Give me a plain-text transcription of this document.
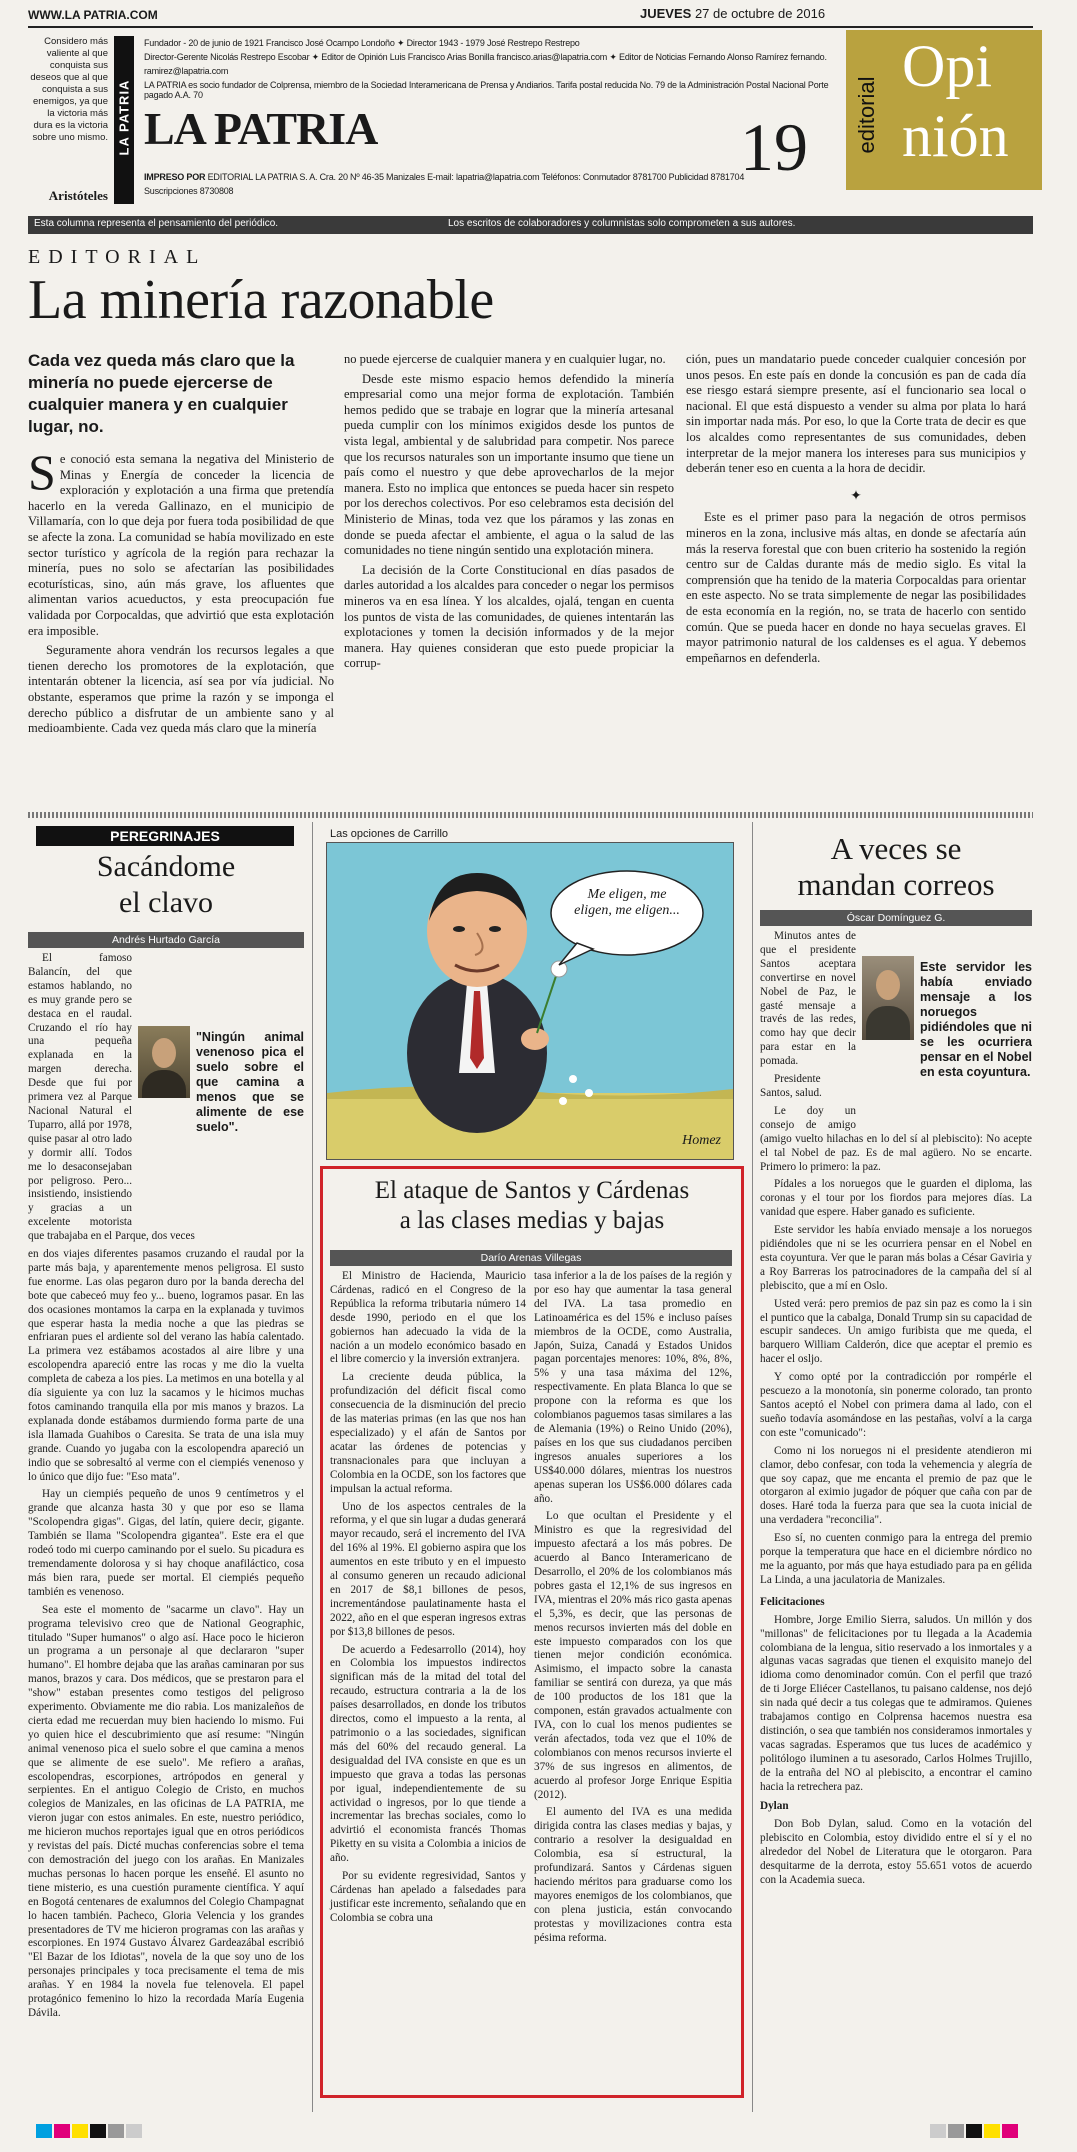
WWW.LA PATRIA.COM	JUEVES 27 de octubre de 2016
Considero más valiente al que conquista sus deseos que al que conquista a sus enemigos, ya que la victoria más dura es la victoria sobre uno mismo.
Aristóteles
LA PATRIA
Fundador - 20 de junio de 1921 Francisco José Ocampo Londoño ✦ Director 1943 - 1979 José Restrepo Restrepo
Director-Gerente Nicolás Restrepo Escobar ✦ Editor de Opinión Luis Francisco Arias Bonilla francisco.arias@lapatria.com ✦ Editor de Noticias Fernando Alonso Ramírez fernando.
ramirez@lapatria.com
LA PATRIA es socio fundador de Colprensa, miembro de la Sociedad Interamericana de Prensa y Andiarios. Tarifa postal reducida No. 79 de la Administración Postal Nacional Porte pagado A.A. 70
LA PATRIA
IMPRESO POR EDITORIAL LA PATRIA S. A. Cra. 20 Nº 46-35 Manizales E-mail: lapatria@lapatria.com Teléfonos: Conmutador 8781700 Publicidad 8781704
Suscripciones 8730808
19 editorial
Opi
nión
Esta columna representa el pensamiento del periódico.	Los escritos de colaboradores y columnistas solo comprometen a sus autores.
EDITORIAL
La minería razonable
Cada vez queda más claro que la minería no puede ejercerse de cualquier manera y en cualquier lugar, no.

Se conoció esta semana la negativa del Ministerio de Minas y Energía de conceder la licencia de exploración y explotación a una firma que pretendía hacerlo en la vereda Gallinazo, en el municipio de Villamaría, con lo que deja por fuera toda posibilidad de que se afecte la zona. La comunidad se había movilizado en este sector turístico y agrícola de la región para rechazar la minería, pues no solo se afectarían las posibilidades ecoturísticas, sino, aún más grave, los afluentes que alimentan varios acueductos, y esta preocupación fue validada por Corpocaldas, que advirtió que esta explotación era imposible.

Seguramente ahora vendrán los recursos legales a que tienen derecho los promotores de la explotación, que intentarán obtener la licencia, así sea por vía judicial. No obstante, esperamos que prime la razón y se imponga el derecho público a disfrutar de un ambiente sano y al medioambiente. Cada vez queda más claro que la minería

no puede ejercerse de cualquier manera y en cualquier lugar, no.

Desde este mismo espacio hemos defendido la minería empresarial como una mejor forma de explotación. También hemos pedido que se trabaje en lograr que la minería artesanal pueda cumplir con los mínimos exigidos desde los puntos de vista legal, ambiental y de salubridad para competir. Nos parece que los recursos naturales son un importante insumo que tiene un país como el nuestro y que debe aprovecharlos de la mejor manera. Esto no implica que entonces se pueda hacer sin respeto por los derechos colectivos. Por eso celebramos esta decisión del Ministerio de Minas, toda vez que los páramos y las zonas en donde se pueda afectar el ambiente, el agua o la salud de las comunidades no tiene ningún sentido una explotación minera.

La decisión de la Corte Constitucional en días pasados de darles autoridad a los alcaldes para conceder o negar los permisos mineros va en esa línea. Y los alcaldes, ojalá, tengan en cuenta los puntos de vista de las comunidades, de quienes intentarán las explotaciones y tomen la decisión informados y de la mejor manera. Hay quienes consideran que esto puede propiciar la corrup-

ción, pues un mandatario puede conceder cualquier concesión por unos pesos. En este país en donde la concusión es pan de cada día ese riesgo estará siempre presente, así el funcionario sea local o nacional. El que está dispuesto a vender su alma por plata lo hará sin importar nada más. Por eso, lo que la Corte trata de decir es que los alcaldes como representantes de sus comunidades, deben interpretar de la mejor manera los intereses para sus municipios y deberán tener eso en cuenta a la hora de decidir.

✦

Este es el primer paso para la negación de otros permisos mineros en la zona, inclusive más altas, en donde se afectaría aún más la reserva forestal que con buen criterio ha sostenido la región centro sur de Caldas durante más de medio siglo. Es vital la comprensión que ha tenido de la materia Corpocaldas para orientar en este aspecto. No se trata simplemente de negar las posibilidades de esta economía en la región, no, se trata de hacerlo con sentido común. Que se pueda hacer en donde no haya secuelas graves. El mayor patrimonio natural de los caldenses es el agua. Y debemos empeñarnos en defenderla.

PEREGRINAJES
Sacándome
el clavo
Andrés Hurtado García
"Ningún animal venenoso pica el suelo sobre el que camina a menos que se alimente de ese suelo".

El famoso Balancín, del que estamos hablando, no es muy grande pero se destaca en el raudal. Cruzando el río hay una pequeña explanada en la margen derecha. Desde que fui por primera vez al Parque Nacional Natural el Tuparro, allá por 1978, quise pasar al otro lado y dormir allí. Todos me lo desaconsejaban por peligroso. Pero... insistiendo, insistiendo y gracias a un excelente motorista que trabajaba en el Parque, dos veces

en dos viajes diferentes pasamos cruzando el raudal por la parte más baja, y aparentemente menos peligrosa. El susto fue enorme. Las olas pegaron duro por la banda derecha del bote que cabeceó muy feo y... bueno, logramos pasar. En las dos ocasiones montamos la carpa en la explanada y tuvimos que esperar hasta la media noche a que las piedras se enfriaran pues el ardiente sol del verano las había calentado. La primera vez estábamos acostados al aire libre y una escolopendra apareció entre las rocas y me dio la vuelta completa de cabeza a los pies. La metimos en una botella y al día siguiente ya con luz la sacamos y le hicimos muchas fotos caminando tranquila ella por mis manos y brazos. La explanada donde estábamos durmiendo forma parte de una isla llamada Guahibos o Caresita. Se trata de una isla muy grande. Cuando yo jugaba con la escolopendra apareció un indio que se sobresaltó al verme con el ciempiés venenoso y lo único que dijo fue: "Eso mata".

Hay un ciempiés pequeño de unos 9 centímetros y el grande que alcanza hasta 30 y que por eso se llama "Scolopendra gigas". Gigas, del latín, quiere decir, gigante. También se llama "Scolopendra gigantea". Este era el que rodeó todo mi cuerpo caminando por el suelo. Su picadura es tremendamente dolorosa y si hay choque anafiláctico, cosa más bien rara, puede ser mortal. El ciempiés pequeño también es venenoso.

Sea este el momento de "sacarme un clavo". Hay un programa televisivo creo que de National Geographic, titulado "Super humanos" o algo así. Hace poco le hicieron un programa a un personaje al que declararon "super humano". El hombre dejaba que las arañas caminaran por sus manos, brazos y cara. Dos médicos, que se prestaron para el "show" estaban presentes como testigos del peligroso experimento. Obviamente me dio rabia. Los manizaleños de cierta edad me recuerdan muy bien haciendo lo mismo. Fui yo quien hice el descubrimiento que así resume: "Ningún animal venenoso pica el suelo sobre el que camina a menos que se alimente de ese suelo". Me refiero a arañas, escolopendras, escorpiones, artrópodos en general y serpientes. En el antiguo Colegio de Cristo, en muchos colegios de Manizales, en las oficinas de LA PATRIA, me vieron jugar con estos animales. En este, nuestro periódico, me hicieron muchos reportajes igual que en otros periódicos y revistas del país. Dicté muchas conferencias sobre el tema con demostración del juego con los arañas. En Manizales muchas personas lo hacen porque les enseñé. El asunto no tiene misterio, es una cuestión puramente científica. Y aquí en Bogotá centenares de exalumnos del Colegio Champagnat lo hacen también. Pacheco, Gloria Velencia y los grandes presentadores de TV me hicieron programas con las arañas y escorpiones. En 1974 Gustavo Álvarez Gardeazábal escribió "El Bazar de los Idiotas", novela de la que soy uno de los personajes principales y toca precisamente el tema de mis arañas. Y en 1984 la novela fue telenovela. El papel protagónico femenino lo hizo la recordada María Eugenia Dávila.

Las opciones de Carrillo
Me eligen, me eligen, me eligen...
Homez
El ataque de Santos y Cárdenas
a las clases medias y bajas
Darío Arenas Villegas

El Ministro de Hacienda, Mauricio Cárdenas, radicó en el Congreso de la República la reforma tributaria número 14 desde 1990, periodo en el que los gobiernos han adecuado la vida de la nación a un modelo económico basado en el libre comercio y la inversión extranjera.

La creciente deuda pública, la profundización del déficit fiscal como consecuencia de la disminución del precio de las materias primas (en las que nos han especializado) y el afán de Santos por acatar las órdenes de potencias y transnacionales para que incluyan a Colombia en la OCDE, son los factores que impulsan la actual reforma.

Uno de los aspectos centrales de la reforma, y el que sin lugar a dudas generará mayor recaudo, será el incremento del IVA del 16% al 19%. El gobierno aspira que los aumentos en este tributo y en el impuesto al consumo generen un recaudo adicional en 2017 de $8,1 billones de pesos, incrementándose paulatinamente hasta el 2022, año en el que esperan ingresos extras por $13,8 billones de pesos.

De acuerdo a Fedesarrollo (2014), hoy en Colombia los impuestos indirectos significan más de la mitad del total del recaudo, estructura contraria a la de los países desarrollados, en donde los tributos directos, como el impuesto a la renta, al patrimonio o a las sociedades, significan más del 60% del recaudo general. La desigualdad del IVA consiste en que es un impuesto que grava a todas las personas por igual, independientemente de su actividad o ingresos, por lo que tiende a incrementar las brechas sociales, como lo advirtió el economista francés Thomas Piketty en su visita a Colombia a inicios de año.

Por su evidente regresividad, Santos y Cárdenas han apelado a falsedades para justificar este incremento, señalando que en Colombia se cobra una

tasa inferior a la de los países de la región y por eso hay que aumentar la tasa general del IVA. La tasa promedio en Latinoamérica es del 15% e incluso países miembros de la OCDE, como Australia, Japón, Suiza, Canadá y Estados Unidos pagan porcentajes menores: 10%, 8%, 8%, 5% y una tasa máxima del 12%, respectivamente. En plata Blanca lo que se propone con la reforma es que los colombianos paguemos tasas similares a las de Alemania (19%) o Reino Unido (20%), países en los que sus ciudadanos perciben ingresos anuales superiores a los US$40.000 dólares, mientras los nuestros apenas superan los US$6.000 dólares cada año.

Lo que ocultan el Presidente y el Ministro es que la regresividad del impuesto afectará a los más pobres. De acuerdo al Banco Interamericano de Desarrollo, el 20% de los colombianos más pobres gasta el 12,1% de sus ingresos en IVA, mientras el 20% más rico gasta apenas el 5,3%, es decir, que las personas de menos recursos invierten más del doble en este impuesto comparados con los que tienen mejor condición económica. Asimismo, el impacto sobre la canasta familiar se sentirá con dureza, ya que más de 100 productos de los 181 que la componen, están gravados actualmente con IVA, con lo cual los menos pudientes se verán afectados, toda vez que el 10% de colombianos con menos recursos invierte el 37% de sus ingresos en alimentos, de acuerdo al profesor Jorge Enrique Espitia (2012).

El aumento del IVA es una medida dirigida contra las clases medias y bajas, y contrario a resolver la desigualdad en Colombia, esa sí estructural, la profundizará. Santos y Cárdenas siguen haciendo méritos para graduarse como los mayores enemigos de los colombianos, que con plena justicia, están convocando protestas y movilizaciones contra esta pésima reforma.

A veces se
mandan correos
Óscar Domínguez G.
Este servidor les había enviado mensaje a los noruegos pidiéndoles que ni se les ocurriera pensar en el Nobel en esta coyuntura.

Minutos antes de que el presidente Santos aceptara convertirse en novel Nobel de Paz, le gasté mensaje a través de las redes, como hay que decir para estar en la pomada.

Presidente Santos, salud.

Le doy un consejo de amigo (amigo vuelto hilachas en lo del sí al plebiscito): No acepte el tal Nobel de paz. Es de mal agüero. No se encarte. Primero lo primero: la paz.

Pídales a los noruegos que le guarden el diploma, las coronas y el tour por los fiordos para mejores días. La vanidad que espere. Haber ganado es suficiente.

Este servidor les había enviado mensaje a los noruegos pidiéndoles que ni se les ocurriera pensar en el Nobel en esta coyuntura. Ver que le paran más bolas a César Gaviria y a Roy Barreras los patrocinadores de la campaña del sí al plebiscito, que a mí en Oslo.

Usted verá: pero premios de paz sin paz es como la i sin el puntico que la cabalga, Donald Trump sin su capacidad de escupir sandeces. Un amigo furibista que me queda, el barquero William Calderón, dice que aceptar el premio es hacer el osljo.

Y como opté por la contradicción por rompérle el pescuezo a la monotonía, sin ponerme colorado, tan pronto Santos aceptó el Nobel con primera dama al lado, con el sueño todavía asomándose en las pestañas, volví a la carga con este "comunicado":

Como ni los noruegos ni el presidente atendieron mi clamor, debo confesar, con toda la vehemencia y alegría de que soy capaz, que me encanta el premio de paz que le otorgaron al eximio jugador de póquer que caña con par de doses. Haré toda la fuerza para que sea la cuota inicial de una verdadera "reconcilia".

Eso sí, no cuenten conmigo para la entrega del premio porque la temperatura que hace en el diciembre nórdico no me la aguanto, por más que haya estudiado para pa en gélida La Linda, a una jaculatoria de Manizales.

Felicitaciones

Hombre, Jorge Emilio Sierra, saludos. Un millón y dos "millonas" de felicitaciones por tu llegada a la Academia colombiana de la lengua, sitio reservado a los inmortales y a algunas vacas sagradas que tienen el exquisito manejo del idioma como denominador común. Con el perfil que trazó de ti Jorge Eliécer Castellanos, tu paisano caldense, nos dejó sin nada qué decir a tus colegas que te admiramos. Quienes trabajamos contigo en Colprensa hacemos nuestra esa distinción, o sea que también nos consideramos inmortales y vacas sagradas. Esperamos que tus luces de académico y politólogo iluminen a tu asesorado, Carlos Holmes Trujillo, de la entraña del NO al plebiscito, a encontrar el camino hacia la retrechera paz.

Dylan

Don Bob Dylan, salud. Como en la votación del plebiscito en Colombia, estoy dividido entre el sí y el no alrededor del Nobel de Literatura que le otorgaron. Para desquitarme de la derrota, estoy 55.651 votos de acuerdo con la Academia sueca.
